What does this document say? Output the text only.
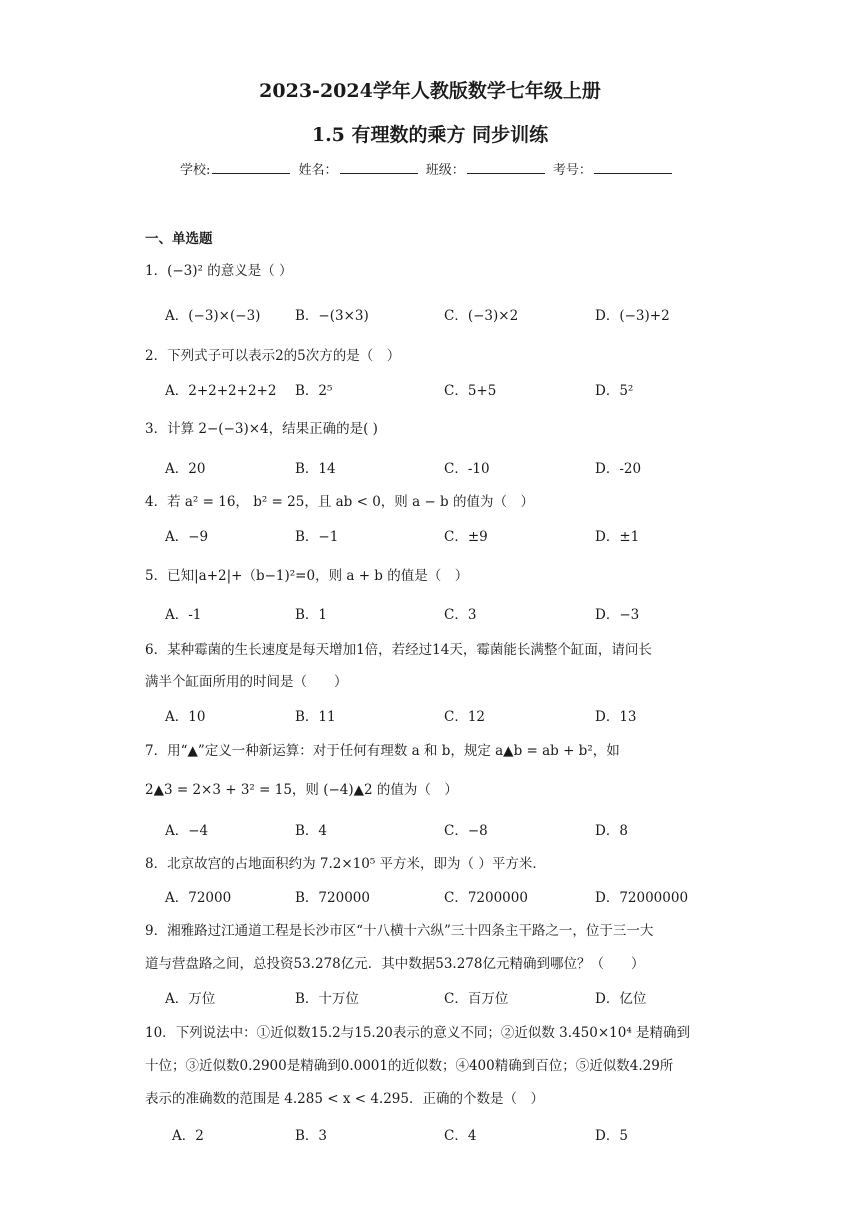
2023-2024学年人教版数学七年级上册
1.5 有理数的乘方 同步训练
学校:	姓名：	班级：	考号：
一、单选题
1．(−3)² 的意义是（ ）
A．(−3)×(−3)	B．−(3×3)	C．(−3)×2	D．(−3)+2
2．下列式子可以表示2的5次方的是（　）
A．2+2+2+2+2 B．2⁵	C．5+5	D．5²
3．计算 2−(−3)×4，结果正确的是( )
A．20	B．14	C．-10	D．-20
4．若 a² = 16， b² = 25，且 ab < 0，则 a − b 的值为（　）
A．−9	B．−1	C．±9	D．±1
5．已知|a+2|+（b−1)²=0，则 a + b 的值是（　）
A．-1	B．1	C．3	D．−3
6．某种霉菌的生长速度是每天增加1倍，若经过14天，霉菌能长满整个缸面，请问长
满半个缸面所用的时间是（　　）
A．10	B．11	C．12	D．13
7．用“▲”定义一种新运算：对于任何有理数 a 和 b，规定 a▲b = ab + b²，如
2▲3 = 2×3 + 3² = 15，则 (−4)▲2 的值为（　）
A．−4	B．4	C．−8	D．8
8．北京故宫的占地面积约为 7.2×10⁵ 平方米，即为（ ）平方米．
A．72000	B．720000	C．7200000	D．72000000
9．湘雅路过江通道工程是长沙市区“十八横十六纵”三十四条主干路之一，位于三一大
道与营盘路之间，总投资53.278亿元．其中数据53.278亿元精确到哪位？（　　）
A．万位	B．十万位	C．百万位	D．亿位
10．下列说法中：①近似数15.2与15.20表示的意义不同；②近似数 3.450×10⁴ 是精确到
十位；③近似数0.2900是精确到0.0001的近似数；④400精确到百位；⑤近似数4.29所
表示的准确数的范围是 4.285 < x < 4.295．正确的个数是（　）
A．2	B．3	C．4	D．5
